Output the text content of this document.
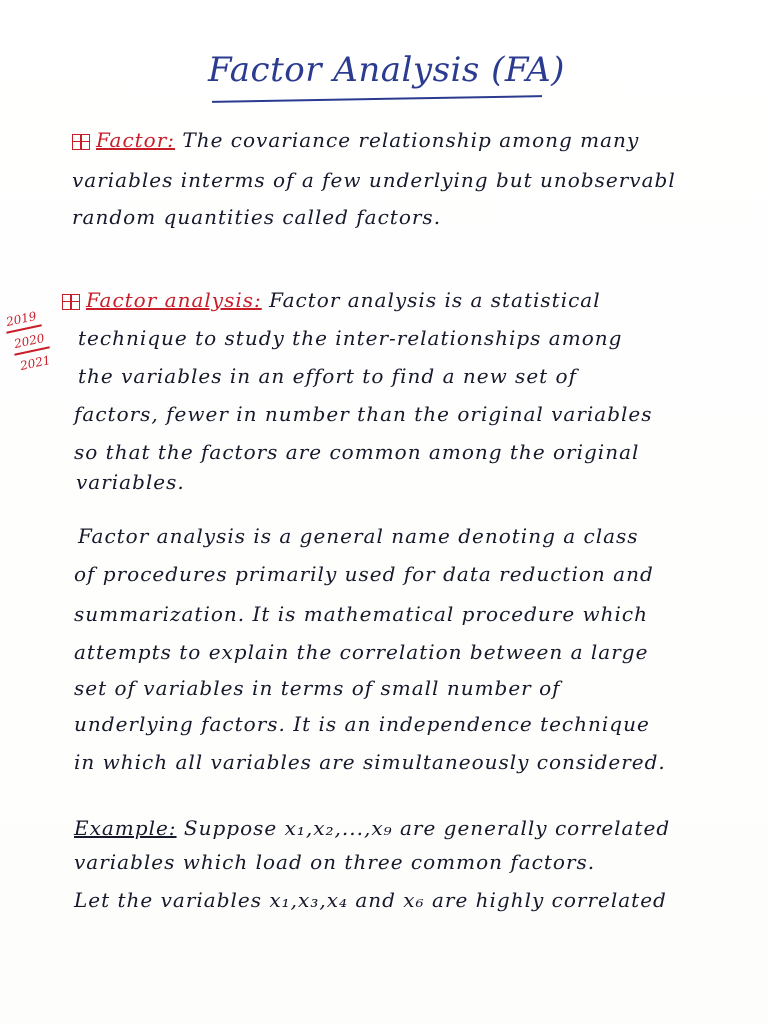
Factor Analysis (FA)
Factor: The covariance relationship among many
variables interms of a few underlying but unobservabl
random quantities called factors.
2019
2020
2021
Factor analysis: Factor analysis is a statistical
technique to study the inter-relationships among
the variables in an effort to find a new set of
factors, fewer in number than the original variables
so that the factors are common among the original
variables.
Factor analysis is a general name denoting a class
of procedures primarily used for data reduction and
summarization. It is mathematical procedure which
attempts to explain the correlation between a large
set of variables in terms of small number of
underlying factors. It is an independence technique
in which all variables are simultaneously considered.
Example: Suppose x₁,x₂,...,x₉ are generally correlated
variables which load on three common factors.
Let the variables x₁,x₃,x₄ and x₆ are highly correlated
